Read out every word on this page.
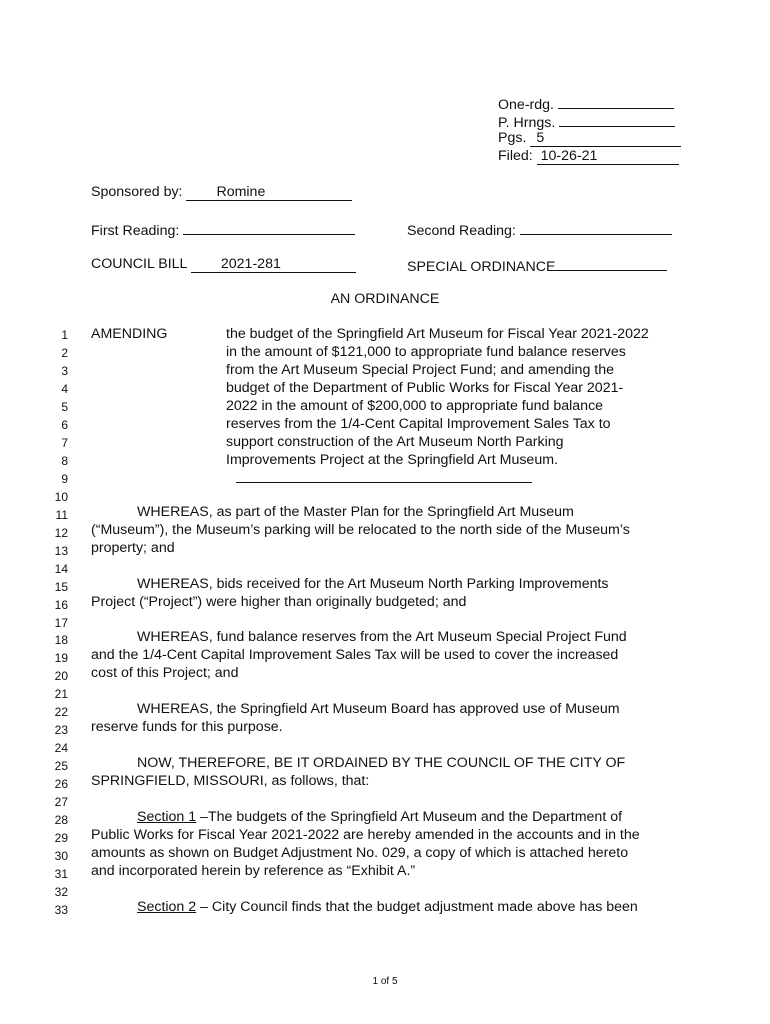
One-rdg.
P. Hrngs.
Pgs. 5
Filed: 10-26-21
Sponsored by: Romine
First Reading:	Second Reading:
COUNCIL BILL 2021-281	SPECIAL ORDINANCE
AN ORDINANCE
1
2
3
4
5
6
7
8
9
10
11
12
13
14
15
16
17
18
19
20
21
22
23
24
25
26
27
28
29
30
31
32
33
AMENDING	the budget of the Springfield Art Museum for Fiscal Year 2021-2022
in the amount of $121,000 to appropriate fund balance reserves
from the Art Museum Special Project Fund; and amending the
budget of the Department of Public Works for Fiscal Year 2021-
2022 in the amount of $200,000 to appropriate fund balance
reserves from the 1/4-Cent Capital Improvement Sales Tax to
support construction of the Art Museum North Parking
Improvements Project at the Springfield Art Museum.
WHEREAS, as part of the Master Plan for the Springfield Art Museum
(“Museum”), the Museum’s parking will be relocated to the north side of the Museum’s
property; and
WHEREAS, bids received for the Art Museum North Parking Improvements
Project (“Project”) were higher than originally budgeted; and
WHEREAS, fund balance reserves from the Art Museum Special Project Fund
and the 1/4-Cent Capital Improvement Sales Tax will be used to cover the increased
cost of this Project; and
WHEREAS, the Springfield Art Museum Board has approved use of Museum
reserve funds for this purpose.
NOW, THEREFORE, BE IT ORDAINED BY THE COUNCIL OF THE CITY OF
SPRINGFIELD, MISSOURI, as follows, that:
Section 1 –The budgets of the Springfield Art Museum and the Department of
Public Works for Fiscal Year 2021-2022 are hereby amended in the accounts and in the
amounts as shown on Budget Adjustment No. 029, a copy of which is attached hereto
and incorporated herein by reference as “Exhibit A.”
Section 2 – City Council finds that the budget adjustment made above has been
1 of 5
